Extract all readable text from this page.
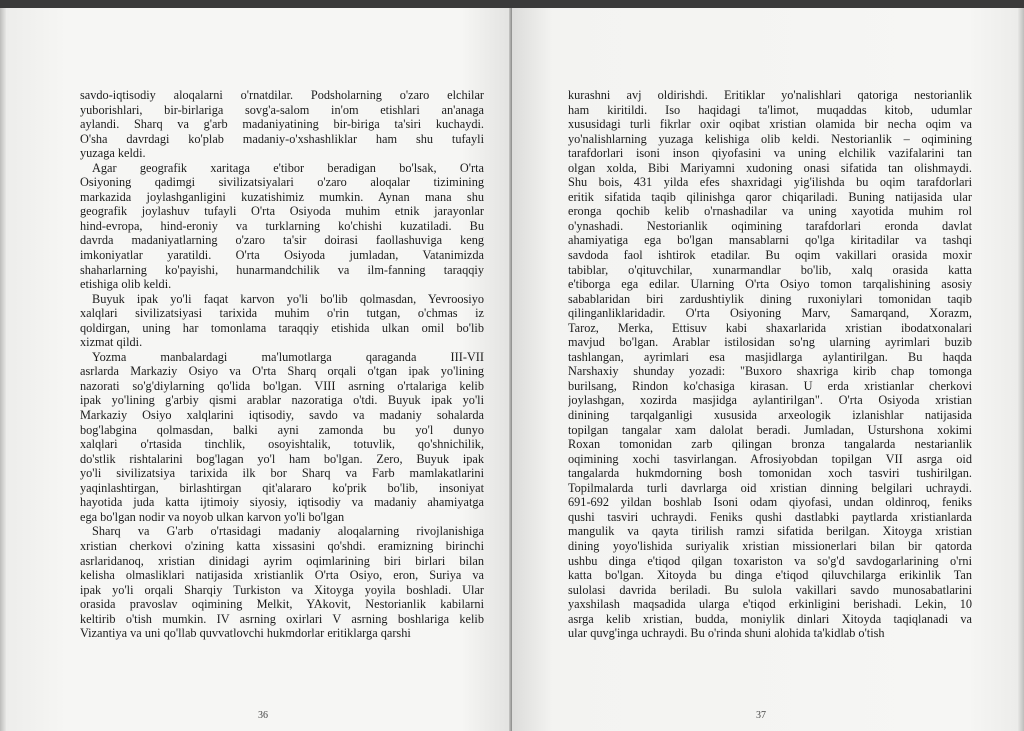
savdo-iqtisodiy aloqalarni o'rnatdilar. Podsholarning o'zaro elchilar
yuborishlari, bir-birlariga sovg'a-salom in'om etishlari an'anaga
aylandi. Sharq va g'arb madaniyatining bir-biriga ta'siri kuchaydi.
O'sha davrdagi ko'plab madaniy-o'xshashliklar ham shu tufayli
yuzaga keldi.
Agar geografik xaritaga e'tibor beradigan bo'lsak, O'rta
Osiyoning qadimgi sivilizatsiyalari o'zaro aloqalar tizimining
markazida joylashganligini kuzatishimiz mumkin. Aynan mana shu
geografik joylashuv tufayli O'rta Osiyoda muhim etnik jarayonlar
hind-evropa, hind-eroniy va turklarning ko'chishi kuzatiladi. Bu
davrda madaniyatlarning o'zaro ta'sir doirasi faollashuviga keng
imkoniyatlar yaratildi. O'rta Osiyoda jumladan, Vatanimizda
shaharlarning ko'payishi, hunarmandchilik va ilm-fanning taraqqiy
etishiga olib keldi.
Buyuk ipak yo'li faqat karvon yo'li bo'lib qolmasdan, Yevroosiyo
xalqlari sivilizatsiyasi tarixida muhim o'rin tutgan, o'chmas iz
qoldirgan, uning har tomonlama taraqqiy etishida ulkan omil bo'lib
xizmat qildi.
Yozma manbalardagi ma'lumotlarga qaraganda III-VII
asrlarda Markaziy Osiyo va O'rta Sharq orqali o'tgan ipak yo'lining
nazorati so'g'diylarning qo'lida bo'lgan. VIII asrning o'rtalariga kelib
ipak yo'lining g'arbiy qismi arablar nazoratiga o'tdi. Buyuk ipak yo'li
Markaziy Osiyo xalqlarini iqtisodiy, savdo va madaniy sohalarda
bog'labgina qolmasdan, balki ayni zamonda bu yo'l dunyo
xalqlari o'rtasida tinchlik, osoyishtalik, totuvlik, qo'shnichilik,
do'stlik rishtalarini bog'lagan yo'l ham bo'lgan. Zero, Buyuk ipak
yo'li sivilizatsiya tarixida ilk bor Sharq va Farb mamlakatlarini
yaqinlashtirgan, birlashtirgan qit'alararo ko'prik bo'lib, insoniyat
hayotida juda katta ijtimoiy siyosiy, iqtisodiy va madaniy ahamiyatga
ega bo'lgan nodir va noyob ulkan karvon yo'li bo'lgan
Sharq va G'arb o'rtasidagi madaniy aloqalarning rivojlanishiga
xristian cherkovi o'zining katta xissasini qo'shdi. eramizning birinchi
asrlaridanoq, xristian dinidagi ayrim oqimlarining biri birlari bilan
kelisha olmasliklari natijasida xristianlik O'rta Osiyo, eron, Suriya va
ipak yo'li orqali Sharqiy Turkiston va Xitoyga yoyila boshladi. Ular
orasida pravoslav oqimining Melkit, YAkovit, Nestorianlik kabilarni
keltirib o'tish mumkin. IV asrning oxirlari V asrning boshlariga kelib
Vizantiya va uni qo'llab quvvatlovchi hukmdorlar eritiklarga qarshi
36
kurashni avj oldirishdi. Eritiklar yo'nalishlari qatoriga nestorianlik
ham kiritildi. Iso haqidagi ta'limot, muqaddas kitob, udumlar
xususidagi turli fikrlar oxir oqibat xristian olamida bir necha oqim va
yo'nalishlarning yuzaga kelishiga olib keldi. Nestorianlik – oqimining
tarafdorlari isoni inson qiyofasini va uning elchilik vazifalarini tan
olgan xolda, Bibi Mariyamni xudoning onasi sifatida tan olishmaydi.
Shu bois, 431 yilda efes shaxridagi yig'ilishda bu oqim tarafdorlari
eritik sifatida taqib qilinishga qaror chiqariladi. Buning natijasida ular
eronga qochib kelib o'rnashadilar va uning xayotida muhim rol
o'ynashadi. Nestorianlik oqimining tarafdorlari eronda davlat
ahamiyatiga ega bo'lgan mansablarni qo'lga kiritadilar va tashqi
savdoda faol ishtirok etadilar. Bu oqim vakillari orasida moxir
tabiblar, o'qituvchilar, xunarmandlar bo'lib, xalq orasida katta
e'tiborga ega edilar. Ularning O'rta Osiyo tomon tarqalishining asosiy
sabablaridan biri zardushtiylik dining ruxoniylari tomonidan taqib
qilinganliklaridadir. O'rta Osiyoning Marv, Samarqand, Xorazm,
Taroz, Merka, Ettisuv kabi shaxarlarida xristian ibodatxonalari
mavjud bo'lgan. Arablar istilosidan so'ng ularning ayrimlari buzib
tashlangan, ayrimlari esa masjidlarga aylantirilgan. Bu haqda
Narshaxiy shunday yozadi: "Buxoro shaxriga kirib chap tomonga
burilsang, Rindon ko'chasiga kirasan. U erda xristianlar cherkovi
joylashgan, xozirda masjidga aylantirilgan". O'rta Osiyoda xristian
dinining tarqalganligi xususida arxeologik izlanishlar natijasida
topilgan tangalar xam dalolat beradi. Jumladan, Usturshona xokimi
Roxan tomonidan zarb qilingan bronza tangalarda nestarianlik
oqimining xochi tasvirlangan. Afrosiyobdan topilgan VII asrga oid
tangalarda hukmdorning bosh tomonidan xoch tasviri tushirilgan.
Topilmalarda turli davrlarga oid xristian dinning belgilari uchraydi.
691-692 yildan boshlab Isoni odam qiyofasi, undan oldinroq, feniks
qushi tasviri uchraydi. Feniks qushi dastlabki paytlarda xristianlarda
mangulik va qayta tirilish ramzi sifatida berilgan. Xitoyga xristian
dining yoyo'lishida suriyalik xristian missionerlari bilan bir qatorda
ushbu dinga e'tiqod qilgan toxariston va so'g'd savdogarlarining o'rni
katta bo'lgan. Xitoyda bu dinga e'tiqod qiluvchilarga erikinlik Tan
sulolasi davrida beriladi. Bu sulola vakillari savdo munosabatlarini
yaxshilash maqsadida ularga e'tiqod erkinligini berishadi. Lekin, 10
asrga kelib xristian, budda, moniylik dinlari Xitoyda taqiqlanadi va
ular quvg'inga uchraydi. Bu o'rinda shuni alohida ta'kidlab o'tish
37
